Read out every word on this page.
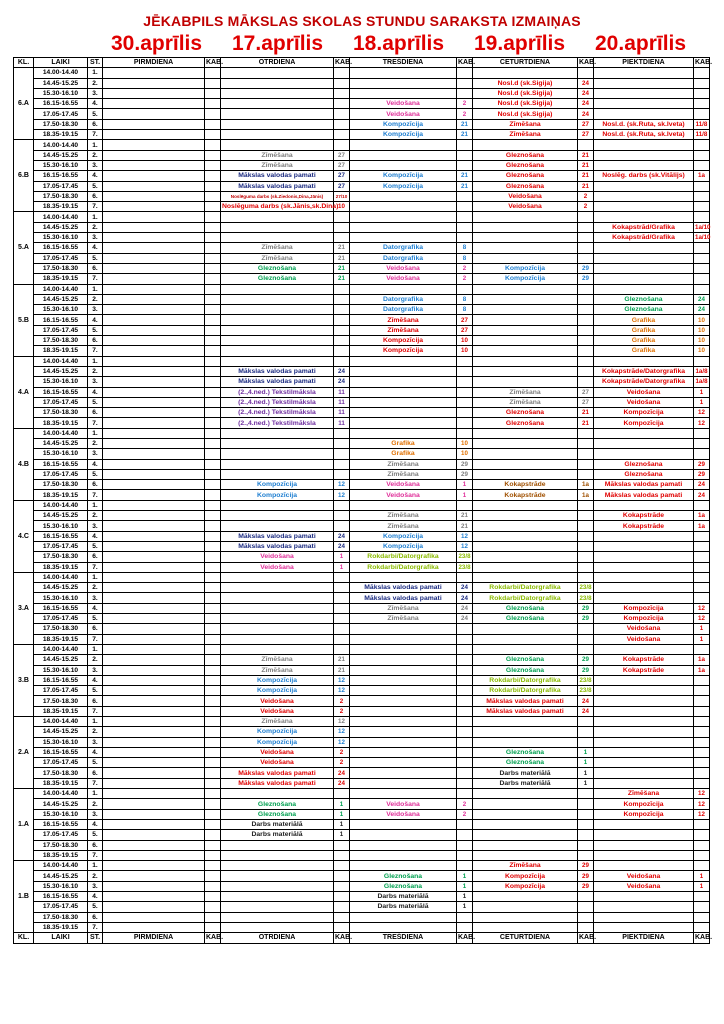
JĒKABPILS MĀKSLAS SKOLAS STUNDU SARAKSTA IZMAIŅAS
30.aprīlis 17.aprīlis 18.aprīlis 19.aprīlis 20.aprīlis
KL.	LAIKI	ST.	PIRMDIENA	KAB.	OTRDIENA	KAB.	TREŠDIENA	KAB.	CETURTDIENA	KAB.	PIEKTDIENA	KAB.
6.A	14.00-14.40	1.										
	14.45-15.25	2.							Nosl.d (sk.Sigija)	24		
	15.30-16.10	3.							Nosl.d (sk.Sigija)	24		
	16.15-16.55	4.					Veidošana	2	Nosl.d (sk.Sigija)	24		
	17.05-17.45	5.					Veidošana	2	Nosl.d (sk.Sigija)	24		
	17.50-18.30	6.					Kompozīcija	21	Zīmēšana	27	Nosl.d. (sk.Ruta, sk.Iveta)	11/8
	18.35-19.15	7.					Kompozīcija	21	Zīmēšana	27	Nosl.d. (sk.Ruta, sk.Iveta)	11/8
6.B	14.00-14.40	1.										
	14.45-15.25	2.			Zīmēšana	27			Gleznošana	21		
	15.30-16.10	3.			Zīmēšana	27			Gleznošana	21		
	16.15-16.55	4.			Mākslas valodas pamati	27	Kompozīcija	21	Gleznošana	21	Noslēg. darbs (sk.Vitālijs)	1a
	17.05-17.45	5.			Mākslas valodas pamati	27	Kompozīcija	21	Gleznošana	21		
	17.50-18.30	6.			Noslēguma darbs (sk.Ziedonis,Dina,Jānis)	27/10			Veidošana	2		
	18.35-19.15	7.			Noslēguma darbs (sk.Jānis,sk.Dina)	10			Veidošana	2		
5.A	14.00-14.40	1.										
	14.45-15.25	2.									Kokapstrād/Grafika	1a/10
	15.30-16.10	3.									Kokapstrād/Grafika	1a/10
	16.15-16.55	4.			Zīmēšana	21	Datorgrafika	8				
	17.05-17.45	5.			Zīmēšana	21	Datorgrafika	8				
	17.50-18.30	6.			Gleznošana	21	Veidošana	2	Kompozīcija	29		
	18.35-19.15	7.			Gleznošana	21	Veidošana	2	Kompozīcija	29		
5.B	14.00-14.40	1.										
	14.45-15.25	2.					Datorgrafika	8			Gleznošana	24
	15.30-16.10	3.					Datorgrafika	8			Gleznošana	24
	16.15-16.55	4.					Zīmēšana	27			Grafika	10
	17.05-17.45	5.					Zīmēšana	27			Grafika	10
	17.50-18.30	6.					Kompozīcija	10			Grafika	10
	18.35-19.15	7.					Kompozīcija	10			Grafika	10
4.A	14.00-14.40	1.										
	14.45-15.25	2.			Mākslas valodas pamati	24					Kokapstrāde/Datorgrafika	1a/8
	15.30-16.10	3.			Mākslas valodas pamati	24					Kokapstrāde/Datorgrafika	1a/8
	16.15-16.55	4.			(2.,4.ned.) Tekstilmāksla	11			Zīmēšana	27	Veidošana	1
	17.05-17.45	5.			(2.,4.ned.) Tekstilmāksla	11			Zīmēšana	27	Veidošana	1
	17.50-18.30	6.			(2.,4.ned.) Tekstilmāksla	11			Gleznošana	21	Kompozīcija	12
	18.35-19.15	7.			(2.,4.ned.) Tekstilmāksla	11			Gleznošana	21	Kompozīcija	12
4.B	14.00-14.40	1.										
	14.45-15.25	2.					Grafika	10				
	15.30-16.10	3.					Grafika	10				
	16.15-16.55	4.					Zīmēšana	29			Gleznošana	29
	17.05-17.45	5.					Zīmēšana	29			Gleznošana	29
	17.50-18.30	6.			Kompozīcija	12	Veidošana	1	Kokapstrāde	1a	Mākslas valodas pamati	24
	18.35-19.15	7.			Kompozīcija	12	Veidošana	1	Kokapstrāde	1a	Mākslas valodas pamati	24
4.C	14.00-14.40	1.										
	14.45-15.25	2.					Zīmēšana	21			Kokapstrāde	1a
	15.30-16.10	3.					Zīmēšana	21			Kokapstrāde	1a
	16.15-16.55	4.			Mākslas valodas pamati	24	Kompozīcija	12				
	17.05-17.45	5.			Mākslas valodas pamati	24	Kompozīcija	12				
	17.50-18.30	6.			Veidošana	1	Rokdarbi/Datorgrafika	23/8				
	18.35-19.15	7.			Veidošana	1	Rokdarbi/Datorgrafika	23/8				
3.A	14.00-14.40	1.										
	14.45-15.25	2.					Mākslas valodas pamati	24	Rokdarbi/Datorgrafika	23/8		
	15.30-16.10	3.					Mākslas valodas pamati	24	Rokdarbi/Datorgrafika	23/8		
	16.15-16.55	4.					Zīmēšana	24	Gleznošana	29	Kompozīcija	12
	17.05-17.45	5.					Zīmēšana	24	Gleznošana	29	Kompozīcija	12
	17.50-18.30	6.									Veidošana	1
	18.35-19.15	7.									Veidošana	1
3.B	14.00-14.40	1.										
	14.45-15.25	2.			Zīmēšana	21			Gleznošana	29	Kokapstrāde	1a
	15.30-16.10	3.			Zīmēšana	21			Gleznošana	29	Kokapstrāde	1a
	16.15-16.55	4.			Kompozīcija	12			Rokdarbi/Datorgrafika	23/8		
	17.05-17.45	5.			Kompozīcija	12			Rokdarbi/Datorgrafika	23/8		
	17.50-18.30	6.			Veidošana	2			Mākslas valodas pamati	24		
	18.35-19.15	7.			Veidošana	2			Mākslas valodas pamati	24		
2.A	14.00-14.40	1.			Zīmēšana	12						
	14.45-15.25	2.			Kompozīcija	12						
	15.30-16.10	3.			Kompozīcija	12						
	16.15-16.55	4.			Veidošana	2			Gleznošana	1		
	17.05-17.45	5.			Veidošana	2			Gleznošana	1		
	17.50-18.30	6.			Mākslas valodas pamati	24			Darbs materiālā	1		
	18.35-19.15	7.			Mākslas valodas pamati	24			Darbs materiālā	1		
1.A	14.00-14.40	1.									Zīmēšana	12
	14.45-15.25	2.			Gleznošana	1	Veidošana	2			Kompozīcija	12
	15.30-16.10	3.			Gleznošana	1	Veidošana	2			Kompozīcija	12
	16.15-16.55	4.			Darbs materiālā	1						
	17.05-17.45	5.			Darbs materiālā	1						
	17.50-18.30	6.										
	18.35-19.15	7.										
1.B	14.00-14.40	1.							Zīmēšana	29		
	14.45-15.25	2.					Gleznošana	1	Kompozīcija	29	Veidošana	1
	15.30-16.10	3.					Gleznošana	1	Kompozīcija	29	Veidošana	1
	16.15-16.55	4.					Darbs materiālā	1				
	17.05-17.45	5.					Darbs materiālā	1				
	17.50-18.30	6.										
	18.35-19.15	7.										
KL.	LAIKI	ST.	PIRMDIENA	KAB.	OTRDIENA	KAB.	TREŠDIENA	KAB.	CETURTDIENA	KAB.	PIEKTDIENA	KAB.
